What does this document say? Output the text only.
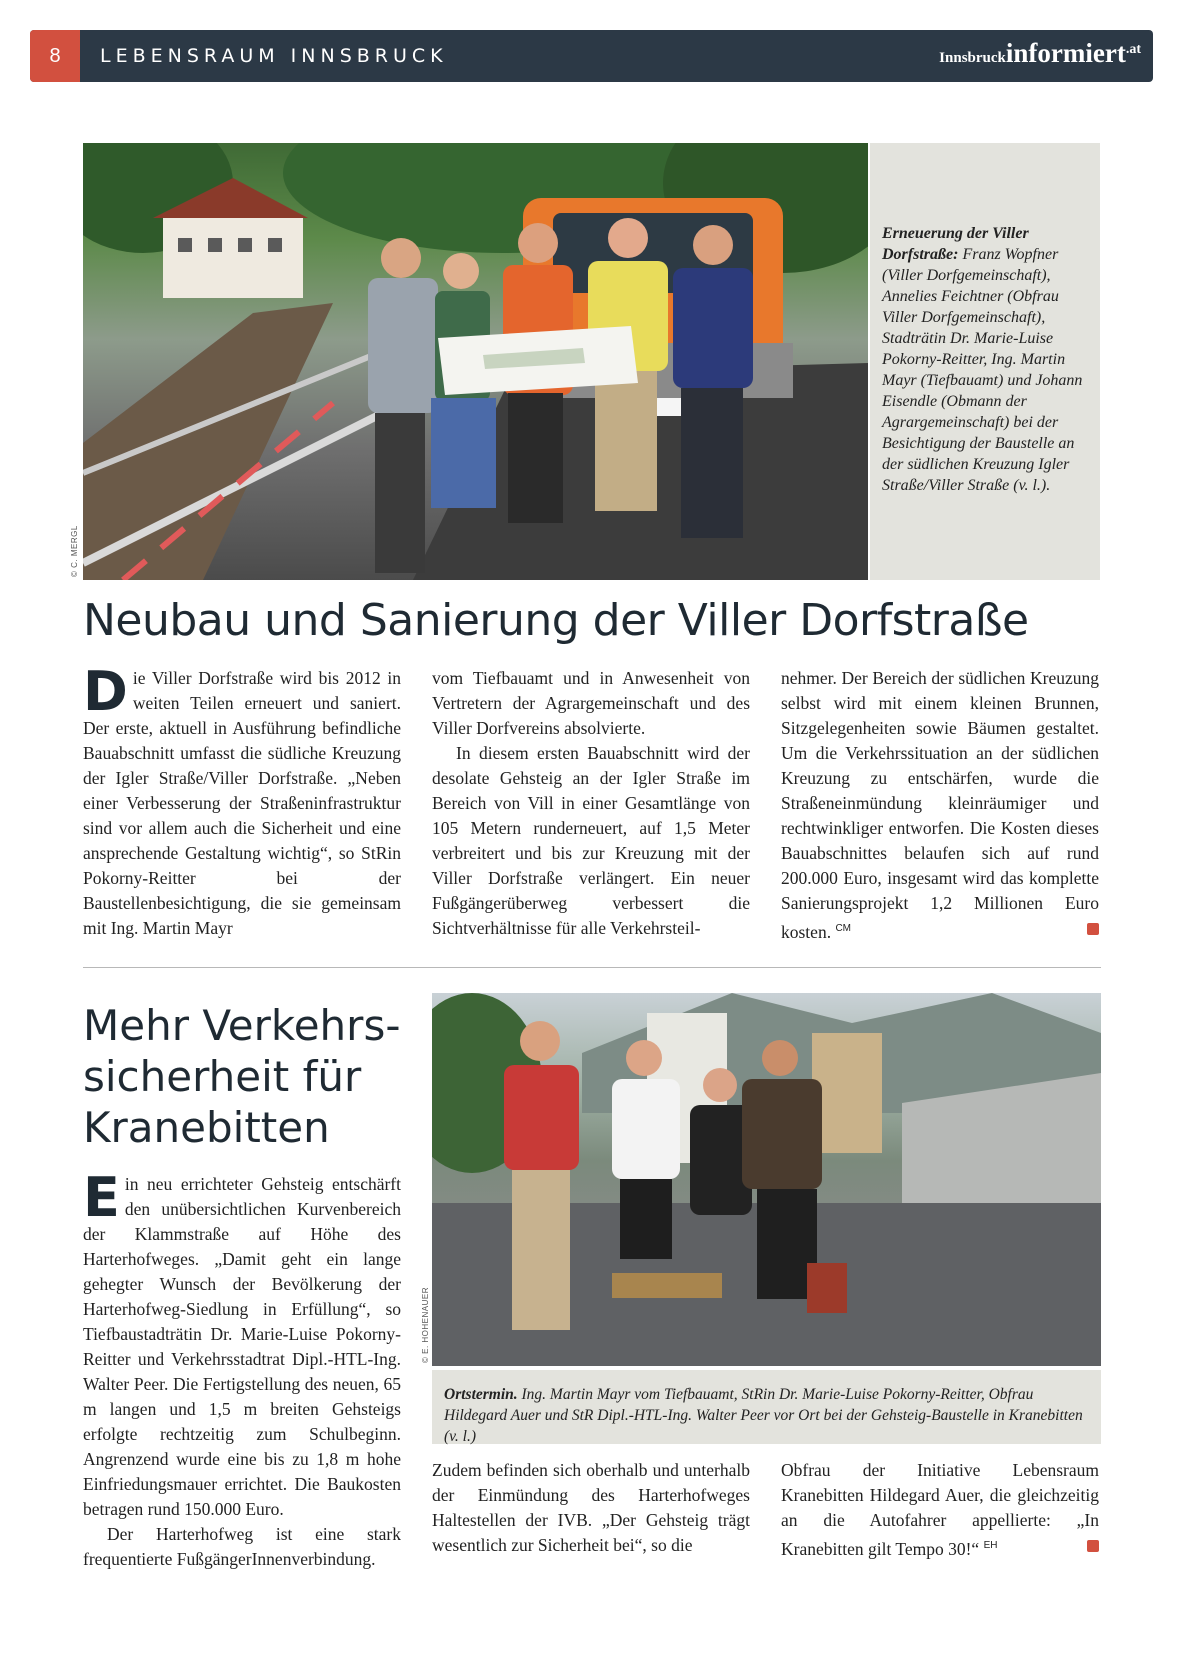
8	LEBENSRAUM INNSBRUCK	Innsbruckinformiert.at
© C. MERGL
Erneuerung der Viller Dorfstraße: Franz Wopfner (Viller Dorfgemeinschaft), Annelies Feichtner (Obfrau Viller Dorfgemeinschaft), Stadträtin Dr. Marie-Luise Pokorny-Reitter, Ing. Martin Mayr (Tiefbauamt) und Johann Eisendle (Obmann der Agrargemeinschaft) bei der Besichtigung der Baustelle an der südlichen Kreuzung Igler Straße/Viller Straße (v. l.).
Neubau und Sanierung der Viller Dorfstraße

Die Viller Dorfstraße wird bis 2012 in weiten Teilen erneuert und saniert. Der erste, aktuell in Ausführung befindliche Bauabschnitt umfasst die südliche Kreuzung der Igler Straße/Viller Dorfstraße. „Neben einer Verbesserung der Straßeninfrastruktur sind vor allem auch die Sicherheit und eine ansprechende Gestaltung wichtig“, so StRin Pokorny-Reitter bei der Baustellenbesichtigung, die sie gemeinsam mit Ing. Martin Mayr

vom Tiefbauamt und in Anwesenheit von Vertretern der Agrargemeinschaft und des Viller Dorfvereins absolvierte.

In diesem ersten Bauabschnitt wird der desolate Gehsteig an der Igler Straße im Bereich von Vill in einer Gesamtlänge von 105 Metern runderneuert, auf 1,5 Meter verbreitert und bis zur Kreuzung mit der Viller Dorfstraße verlängert. Ein neuer Fußgängerüberweg verbessert die Sichtverhältnisse für alle Verkehrsteil-

nehmer. Der Bereich der südlichen Kreuzung selbst wird mit einem kleinen Brunnen, Sitzgelegenheiten sowie Bäumen gestaltet. Um die Verkehrssituation an der südlichen Kreuzung zu entschärfen, wurde die Straßeneinmündung kleinräumiger und rechtwinkliger entworfen. Die Kosten dieses Bauabschnittes belaufen sich auf rund 200.000 Euro, insgesamt wird das komplette Sanierungsprojekt 1,2 Millionen Euro kosten. $^{CM}$

Mehr Verkehrs-sicherheit für Kranebitten

Ein neu errichteter Gehsteig entschärft den unübersichtlichen Kurvenbereich der Klammstraße auf Höhe des Harterhofweges. „Damit geht ein lange gehegter Wunsch der Bevölkerung der Harterhofweg-Siedlung in Erfüllung“, so Tiefbaustadträtin Dr. Marie-Luise Pokorny-Reitter und Verkehrsstadtrat Dipl.-HTL-Ing. Walter Peer. Die Fertigstellung des neuen, 65 m langen und 1,5 m breiten Gehsteigs erfolgte rechtzeitig zum Schulbeginn. Angrenzend wurde eine bis zu 1,8 m hohe Einfriedungsmauer errichtet. Die Baukosten betragen rund 150.000 Euro.

Der Harterhofweg ist eine stark frequentierte FußgängerInnenverbindung.

© E. HOHENAUER
Ortstermin. Ing. Martin Mayr vom Tiefbauamt, StRin Dr. Marie-Luise Pokorny-Reitter, Obfrau Hildegard Auer und StR Dipl.-HTL-Ing. Walter Peer vor Ort bei der Gehsteig-Baustelle in Kranebitten (v. l.)

Zudem befinden sich oberhalb und unterhalb der Einmündung des Harterhofweges Haltestellen der IVB. „Der Gehsteig trägt wesentlich zur Sicherheit bei“, so die

Obfrau der Initiative Lebensraum Kranebitten Hildegard Auer, die gleichzeitig an die Autofahrer appellierte: „In Kranebitten gilt Tempo 30!“ $^{EH}$
